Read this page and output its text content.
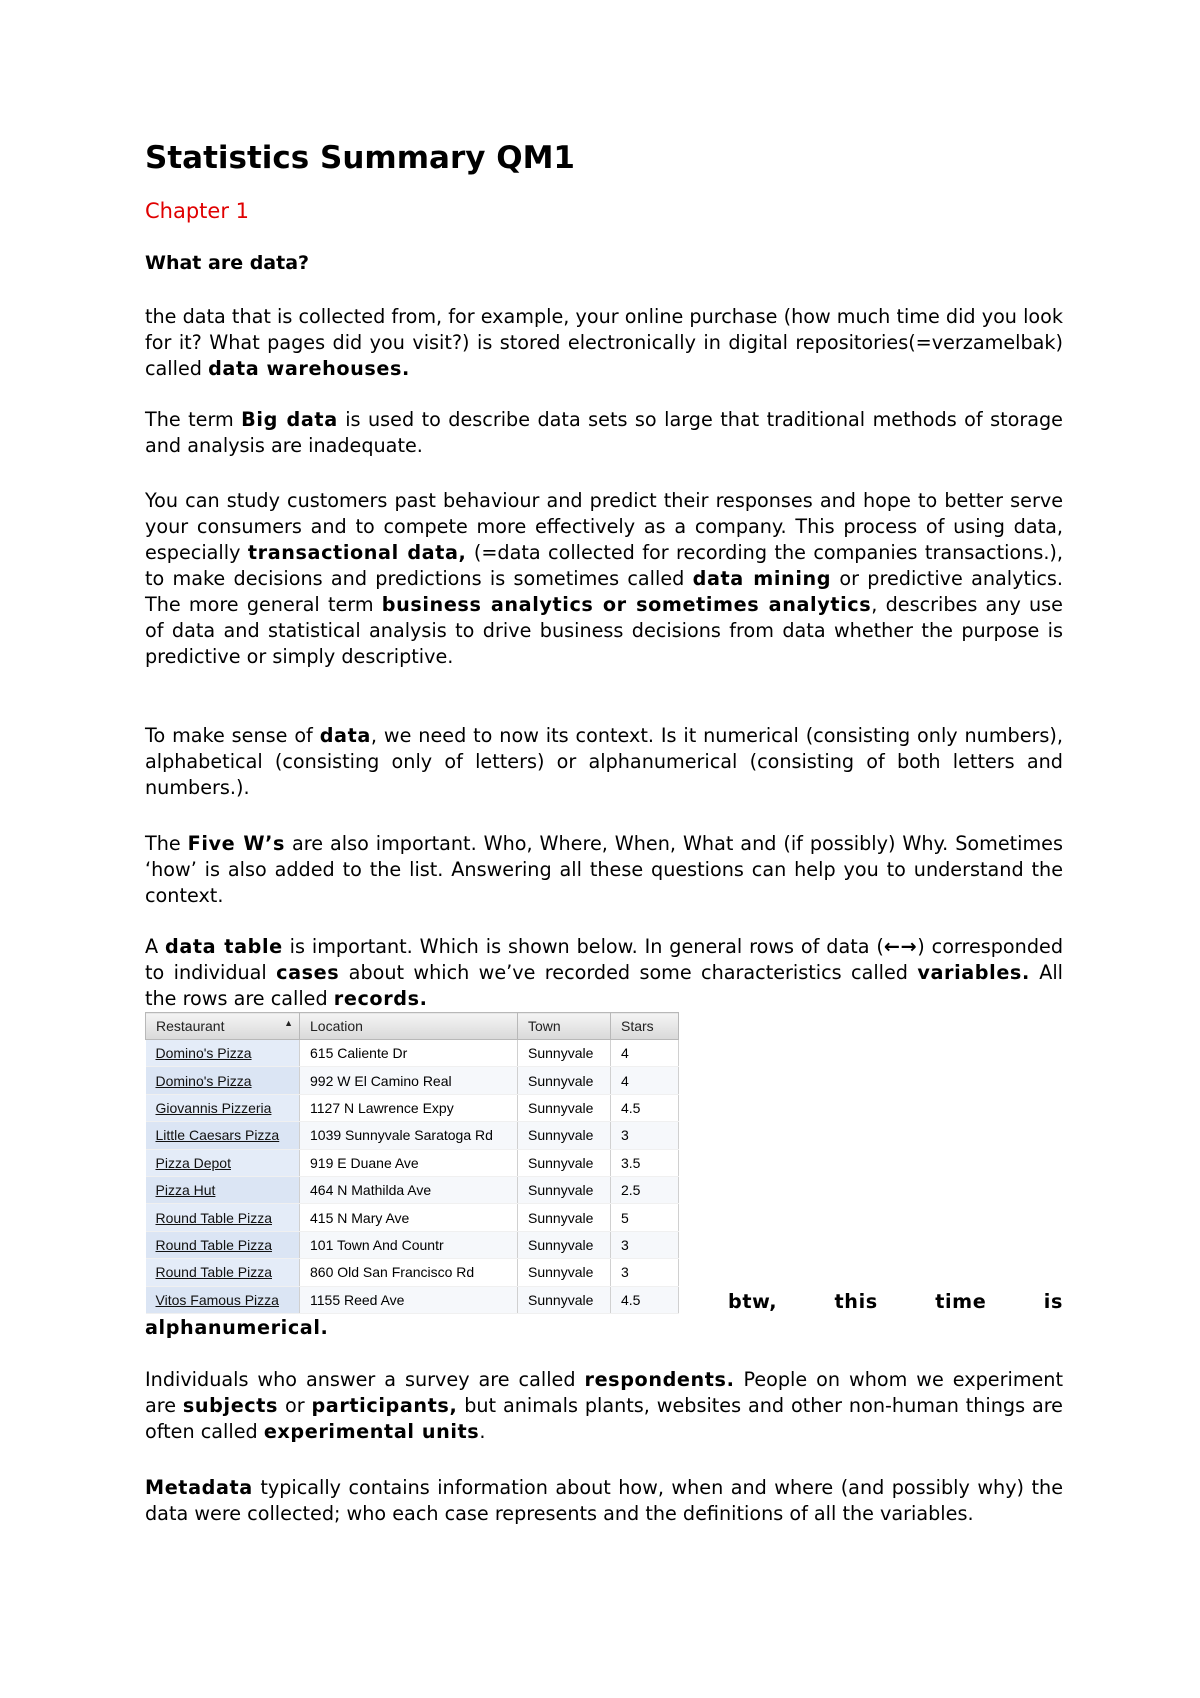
Statistics Summary QM1
Chapter 1
What are data?

the data that is collected from, for example, your online purchase (how much time did you look for it? What pages did you visit?) is stored electronically in digital repositories(=verzamelbak) called data warehouses.

The term Big data is used to describe data sets so large that traditional methods of storage and analysis are inadequate.

You can study customers past behaviour and predict their responses and hope to better serve your consumers and to compete more effectively as a company. This process of using data, especially transactional data, (=data collected for recording the companies transactions.), to make decisions and predictions is sometimes called data mining or predictive analytics. The more general term business analytics or sometimes analytics, describes any use of data and statistical analysis to drive business decisions from data whether the purpose is predictive or simply descriptive.

To make sense of data, we need to now its context. Is it numerical (consisting only numbers), alphabetical (consisting only of letters) or alphanumerical (consisting of both letters and numbers.).

The Five W’s are also important. Who, Where, When, What and (if possibly) Why. Sometimes ‘how’ is also added to the list. Answering all these questions can help you to understand the context.

A data table is important. Which is shown below. In general rows of data (←→) corresponded to individual cases about which we’ve recorded some characteristics called variables. All the rows are called records.

Restaurant ▲	Location	Town	Stars
Domino's Pizza	615 Caliente Dr	Sunnyvale	4
Domino's Pizza	992 W El Camino Real	Sunnyvale	4
Giovannis Pizzeria	1127 N Lawrence Expy	Sunnyvale	4.5
Little Caesars Pizza	1039 Sunnyvale Saratoga Rd	Sunnyvale	3
Pizza Depot	919 E Duane Ave	Sunnyvale	3.5
Pizza Hut	464 N Mathilda Ave	Sunnyvale	2.5
Round Table Pizza	415 N Mary Ave	Sunnyvale	5
Round Table Pizza	101 Town And Countr	Sunnyvale	3
Round Table Pizza	860 Old San Francisco Rd	Sunnyvale	3
Vitos Famous Pizza	1155 Reed Ave	Sunnyvale	4.5	btw,	this	time	is
alphanumerical.

Individuals who answer a survey are called respondents. People on whom we experiment are subjects or participants, but animals plants, websites and other non-human things are often called experimental units.

Metadata typically contains information about how, when and where (and possibly why) the data were collected; who each case represents and the definitions of all the variables.
